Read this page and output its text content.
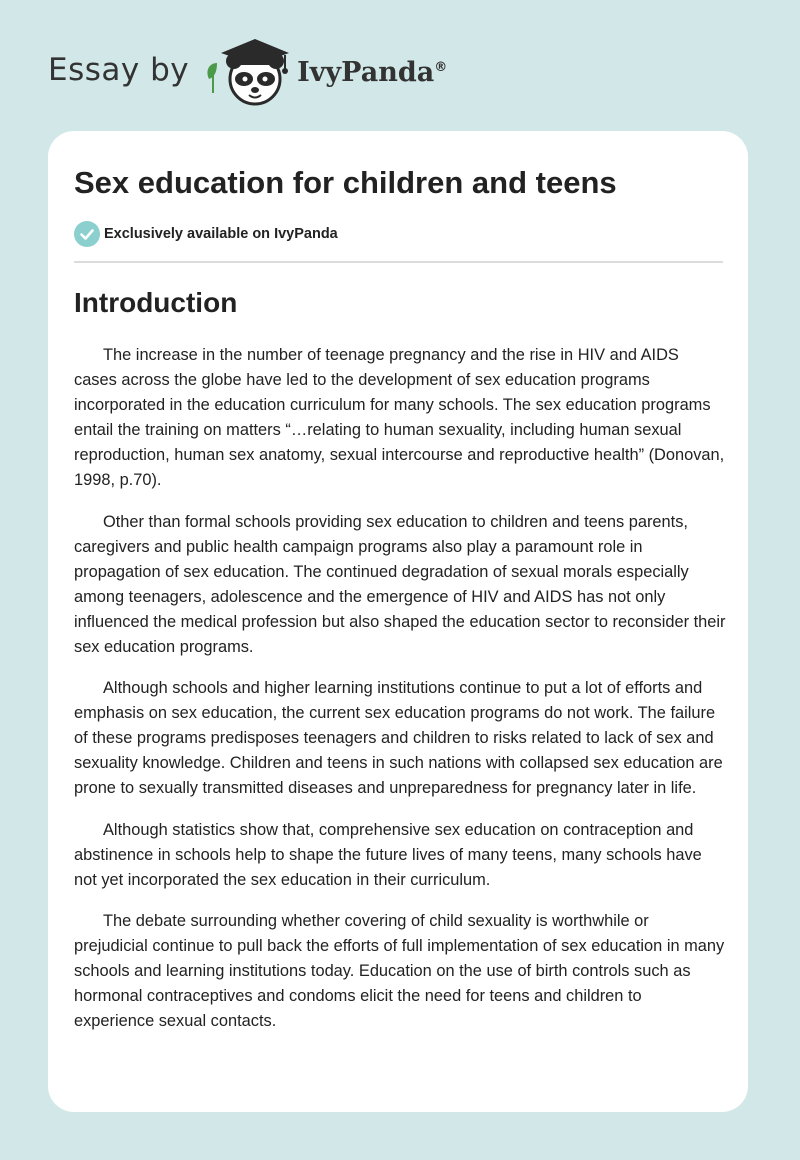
Essay by	IvyPanda®
Sex education for children and teens
Exclusively available on IvyPanda
Introduction

The increase in the number of teenage pregnancy and the rise in HIV and AIDS cases across the globe have led to the development of sex education programs incorporated in the education curriculum for many schools. The sex education programs entail the training on matters “…relating to human sexuality, including human sexual reproduction, human sex anatomy, sexual intercourse and reproductive health” (Donovan, 1998, p.70).

Other than formal schools providing sex education to children and teens parents, caregivers and public health campaign programs also play a paramount role in propagation of sex education. The continued degradation of sexual morals especially among teenagers, adolescence and the emergence of HIV and AIDS has not only influenced the medical profession but also shaped the education sector to reconsider their sex education programs.

Although schools and higher learning institutions continue to put a lot of efforts and emphasis on sex education, the current sex education programs do not work. The failure of these programs predisposes teenagers and children to risks related to lack of sex and sexuality knowledge. Children and teens in such nations with collapsed sex education are prone to sexually transmitted diseases and unpreparedness for pregnancy later in life.

Although statistics show that, comprehensive sex education on contraception and abstinence in schools help to shape the future lives of many teens, many schools have not yet incorporated the sex education in their curriculum.

The debate surrounding whether covering of child sexuality is worthwhile or prejudicial continue to pull back the efforts of full implementation of sex education in many schools and learning institutions today. Education on the use of birth controls such as hormonal contraceptives and condoms elicit the need for teens and children to experience sexual contacts.
